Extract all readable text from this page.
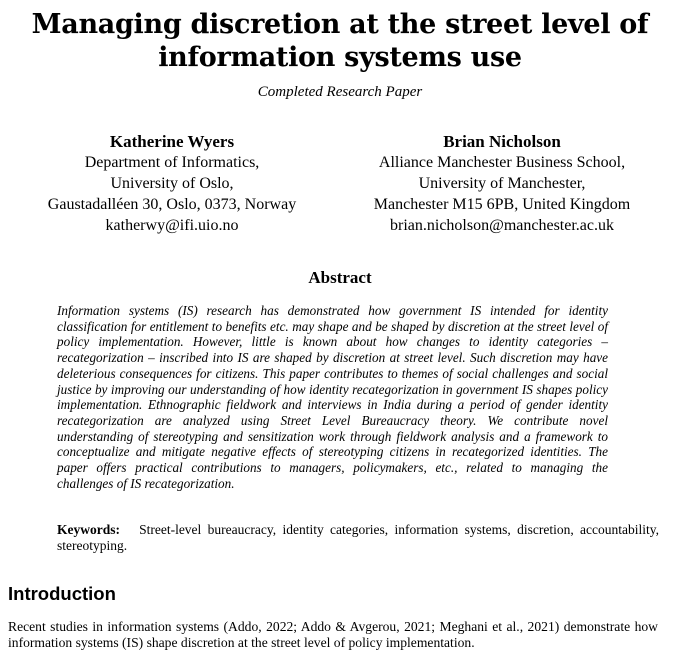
Managing discretion at the street level of
information systems use
Completed Research Paper
Katherine Wyers
Department of Informatics,
University of Oslo,
Gaustadalléen 30, Oslo, 0373, Norway
katherwy@ifi.uio.no
Brian Nicholson
Alliance Manchester Business School,
University of Manchester,
Manchester M15 6PB, United Kingdom
brian.nicholson@manchester.ac.uk
Abstract
Information systems (IS) research has demonstrated how government IS intended for identity classification for entitlement to benefits etc. may shape and be shaped by discretion at the street level of policy implementation. However, little is known about how changes to identity categories – recategorization – inscribed into IS are shaped by discretion at street level. Such discretion may have deleterious consequences for citizens. This paper contributes to themes of social challenges and social justice by improving our understanding of how identity recategorization in government IS shapes policy implementation. Ethnographic fieldwork and interviews in India during a period of gender identity recategorization are analyzed using Street Level Bureaucracy theory. We contribute novel understanding of stereotyping and sensitization work through fieldwork analysis and a framework to conceptualize and mitigate negative effects of stereotyping citizens in recategorized identities. The paper offers practical contributions to managers, policymakers, etc., related to managing the challenges of IS recategorization.
Keywords: Street-level bureaucracy, identity categories, information systems, discretion, accountability, stereotyping.
Introduction
Recent studies in information systems (Addo, 2022; Addo & Avgerou, 2021; Meghani et al., 2021) demonstrate how information systems (IS) shape discretion at the street level of policy implementation.
